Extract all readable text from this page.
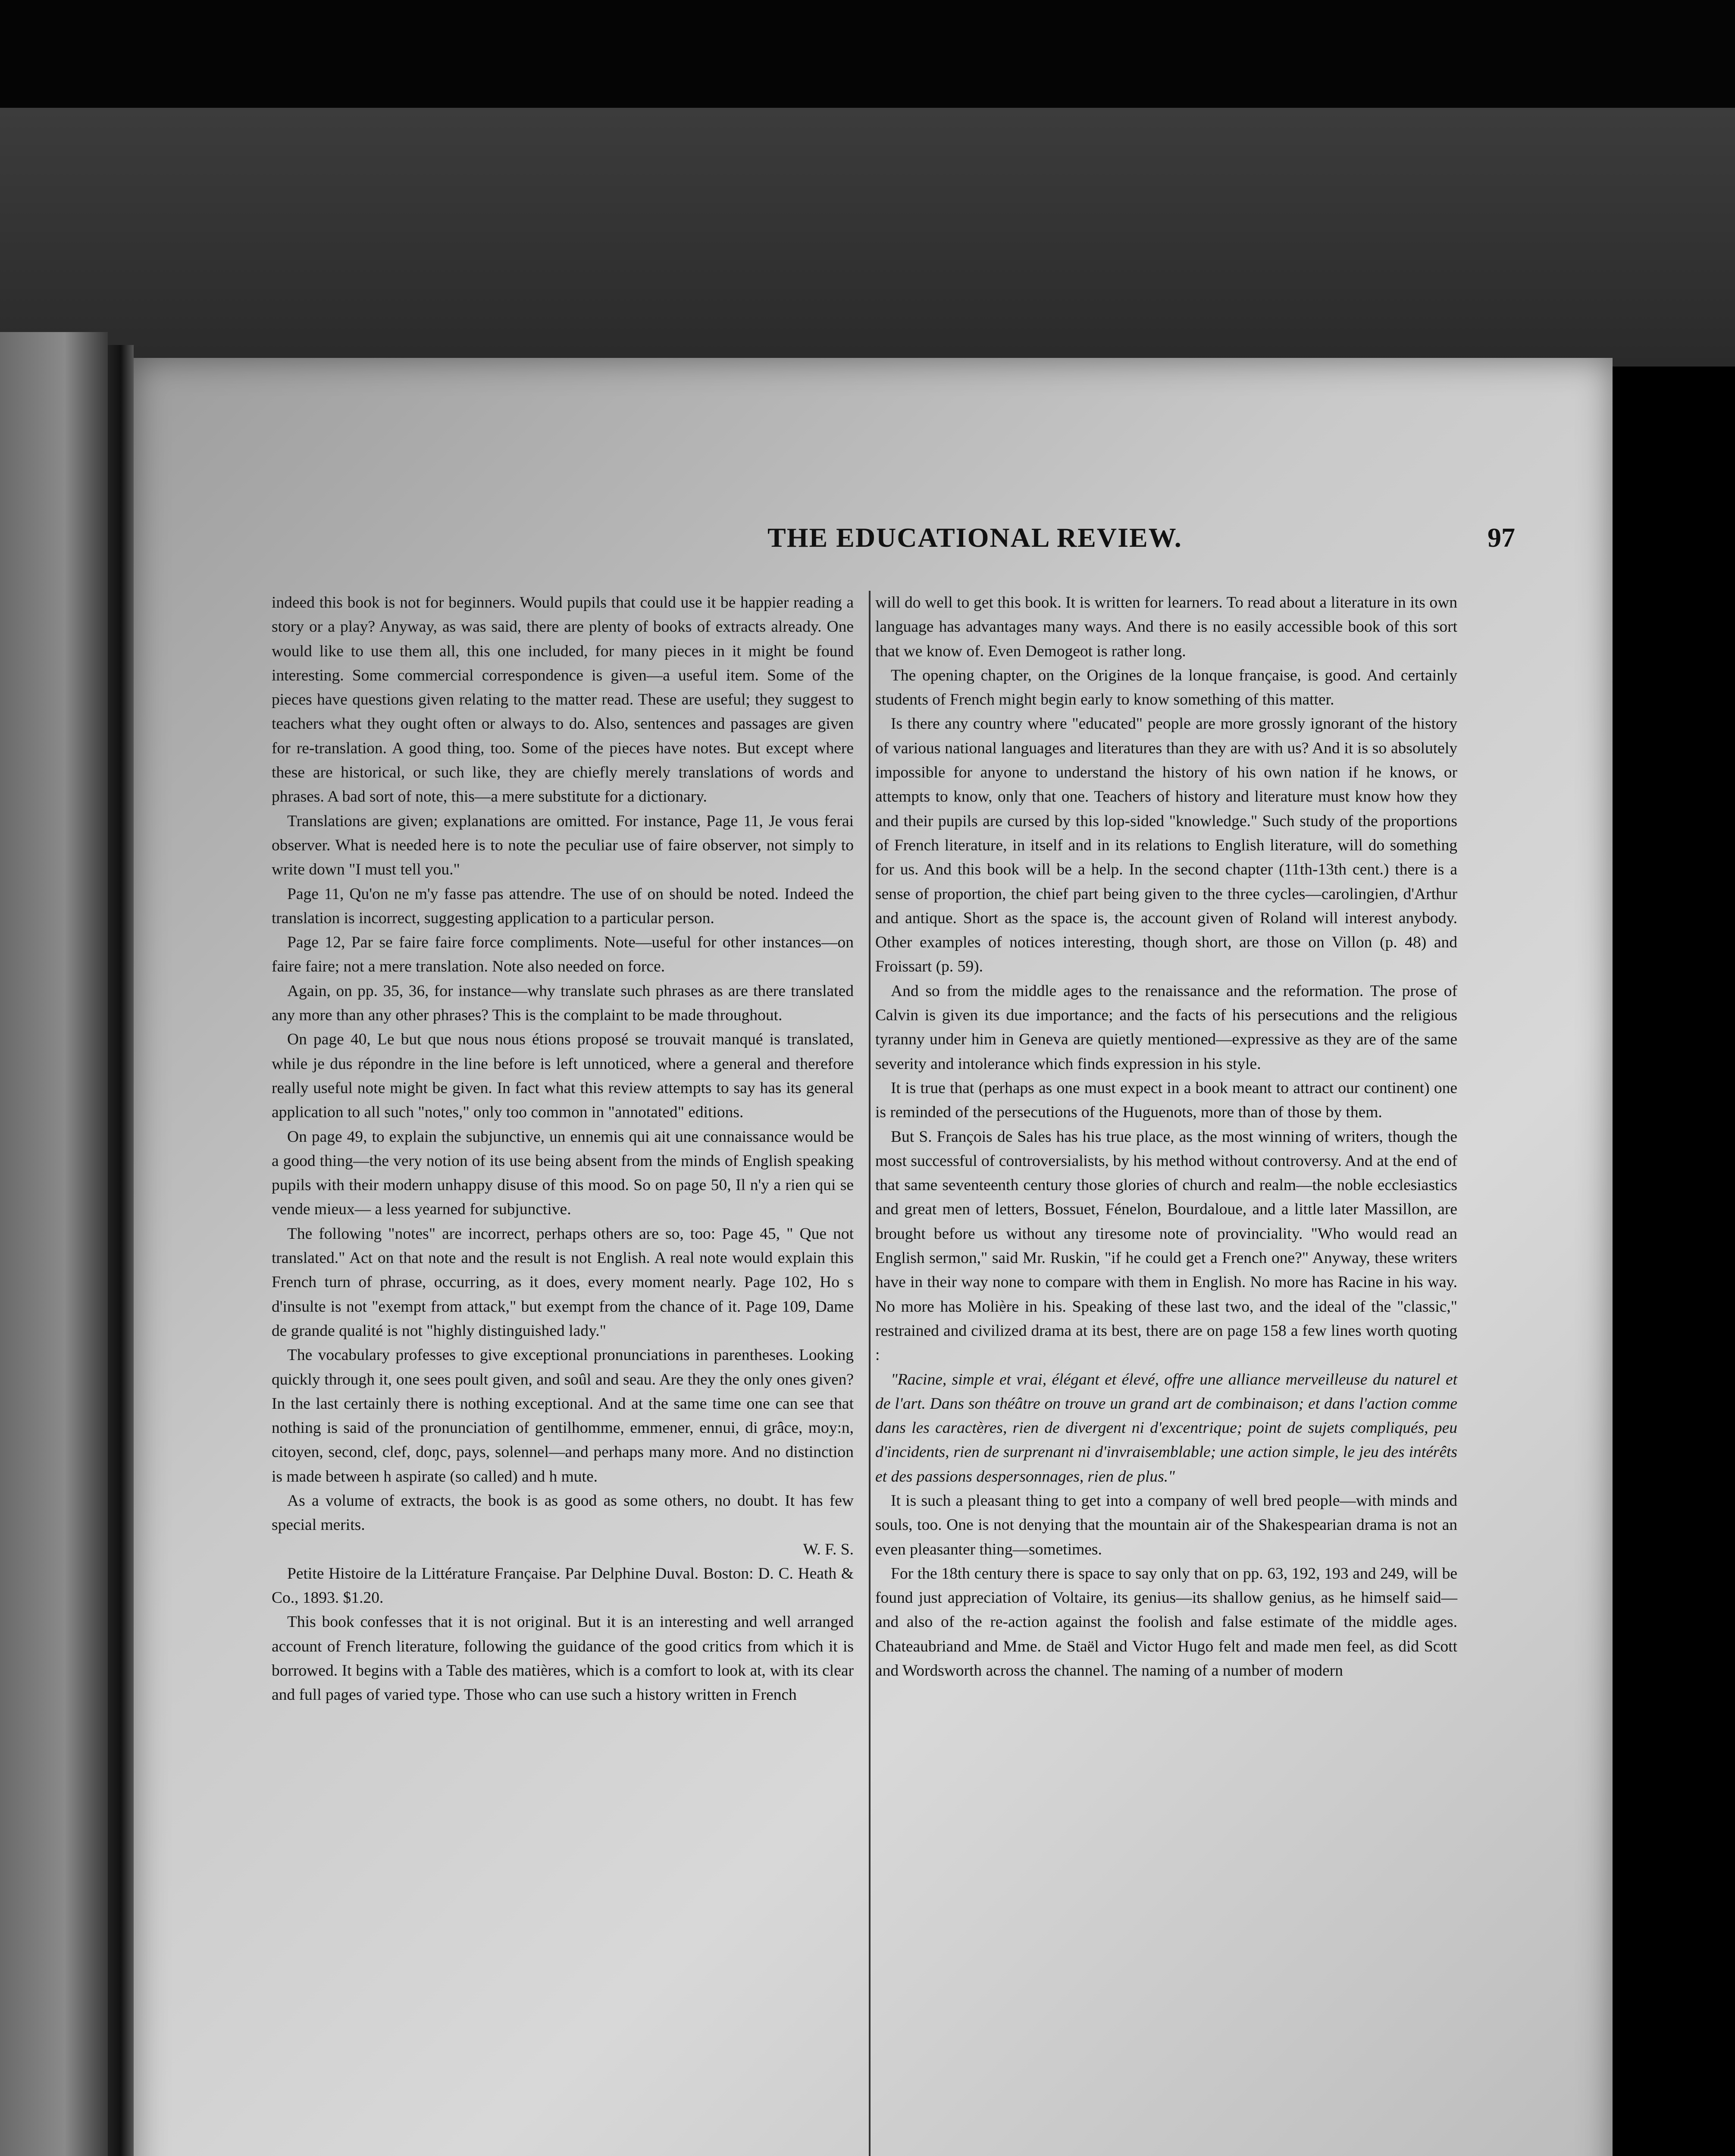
THE EDUCATIONAL REVIEW.	97

indeed this book is not for beginners. Would pupils that could use it be happier reading a story or a play? Anyway, as was said, there are plenty of books of extracts already. One would like to use them all, this one included, for many pieces in it might be found interesting. Some commercial correspondence is given—a useful item. Some of the pieces have questions given relating to the matter read. These are useful; they suggest to teachers what they ought often or always to do. Also, sentences and passages are given for re-translation. A good thing, too. Some of the pieces have notes. But except where these are historical, or such like, they are chiefly merely translations of words and phrases. A bad sort of note, this—a mere substitute for a dictionary.

Translations are given; explanations are omitted. For instance, Page 11, Je vous ferai observer. What is needed here is to note the peculiar use of faire observer, not simply to write down "I must tell you."

Page 11, Qu'on ne m'y fasse pas attendre. The use of on should be noted. Indeed the translation is incorrect, suggesting application to a particular person.

Page 12, Par se faire faire force compliments. Note—useful for other instances—on faire faire; not a mere translation. Note also needed on force.

Again, on pp. 35, 36, for instance—why translate such phrases as are there translated any more than any other phrases? This is the complaint to be made throughout.

On page 40, Le but que nous nous étions proposé se trouvait manqué is translated, while je dus répondre in the line before is left unnoticed, where a general and therefore really useful note might be given. In fact what this review attempts to say has its general application to all such "notes," only too common in "annotated" editions.

On page 49, to explain the subjunctive, un ennemis qui ait une connaissance would be a good thing—the very notion of its use being absent from the minds of English speaking pupils with their modern unhappy disuse of this mood. So on page 50, Il n'y a rien qui se vende mieux— a less yearned for subjunctive.

The following "notes" are incorrect, perhaps others are so, too: Page 45, " Que not translated." Act on that note and the result is not English. A real note would explain this French turn of phrase, occurring, as it does, every moment nearly. Page 102, Ho s d'insulte is not "exempt from attack," but exempt from the chance of it. Page 109, Dame de grande qualité is not "highly distinguished lady."

The vocabulary professes to give exceptional pronunciations in parentheses. Looking quickly through it, one sees poult given, and soûl and seau. Are they the only ones given? In the last certainly there is nothing exceptional. And at the same time one can see that nothing is said of the pronunciation of gentilhomme, emmener, ennui, di grâce, moy:n, citoyen, second, clef, doŋc, pays, solennel—and perhaps many more. And no distinction is made between h aspirate (so called) and h mute.

As a volume of extracts, the book is as good as some others, no doubt. It has few special merits.

W. F. S.

Petite Histoire de la Littérature Française. Par Delphine Duval. Boston: D. C. Heath & Co., 1893. $1.20.

This book confesses that it is not original. But it is an interesting and well arranged account of French literature, following the guidance of the good critics from which it is borrowed. It begins with a Table des matières, which is a comfort to look at, with its clear and full pages of varied type. Those who can use such a history written in French

will do well to get this book. It is written for learners. To read about a literature in its own language has advantages many ways. And there is no easily accessible book of this sort that we know of. Even Demogeot is rather long.

The opening chapter, on the Origines de la lonque française, is good. And certainly students of French might begin early to know something of this matter.

Is there any country where "educated" people are more grossly ignorant of the history of various national languages and literatures than they are with us? And it is so absolutely impossible for anyone to understand the history of his own nation if he knows, or attempts to know, only that one. Teachers of history and literature must know how they and their pupils are cursed by this lop-sided "knowledge." Such study of the proportions of French literature, in itself and in its relations to English literature, will do something for us. And this book will be a help. In the second chapter (11th-13th cent.) there is a sense of proportion, the chief part being given to the three cycles—carolingien, d'Arthur and antique. Short as the space is, the account given of Roland will interest anybody. Other examples of notices interesting, though short, are those on Villon (p. 48) and Froissart (p. 59).

And so from the middle ages to the renaissance and the reformation. The prose of Calvin is given its due importance; and the facts of his persecutions and the religious tyranny under him in Geneva are quietly mentioned—expressive as they are of the same severity and intolerance which finds expression in his style.

It is true that (perhaps as one must expect in a book meant to attract our continent) one is reminded of the persecutions of the Huguenots, more than of those by them.

But S. François de Sales has his true place, as the most winning of writers, though the most successful of controversialists, by his method without controversy. And at the end of that same seventeenth century those glories of church and realm—the noble ecclesiastics and great men of letters, Bossuet, Fénelon, Bourdaloue, and a little later Massillon, are brought before us without any tiresome note of provinciality. "Who would read an English sermon," said Mr. Ruskin, "if he could get a French one?" Anyway, these writers have in their way none to compare with them in English. No more has Racine in his way. No more has Molière in his. Speaking of these last two, and the ideal of the "classic," restrained and civilized drama at its best, there are on page 158 a few lines worth quoting :

"Racine, simple et vrai, élégant et élevé, offre une alliance merveilleuse du naturel et de l'art. Dans son théâtre on trouve un grand art de combinaison; et dans l'action comme dans les caractères, rien de divergent ni d'excentrique; point de sujets compliqués, peu d'incidents, rien de surprenant ni d'invraisemblable; une action simple, le jeu des intérêts et des passions despersonnages, rien de plus."

It is such a pleasant thing to get into a company of well bred people—with minds and souls, too. One is not denying that the mountain air of the Shakespearian drama is not an even pleasanter thing—sometimes.

For the 18th century there is space to say only that on pp. 63, 192, 193 and 249, will be found just appreciation of Voltaire, its genius—its shallow genius, as he himself said—and also of the re-action against the foolish and false estimate of the middle ages. Chateaubriand and Mme. de Staël and Victor Hugo felt and made men feel, as did Scott and Wordsworth across the channel. The naming of a number of modern
